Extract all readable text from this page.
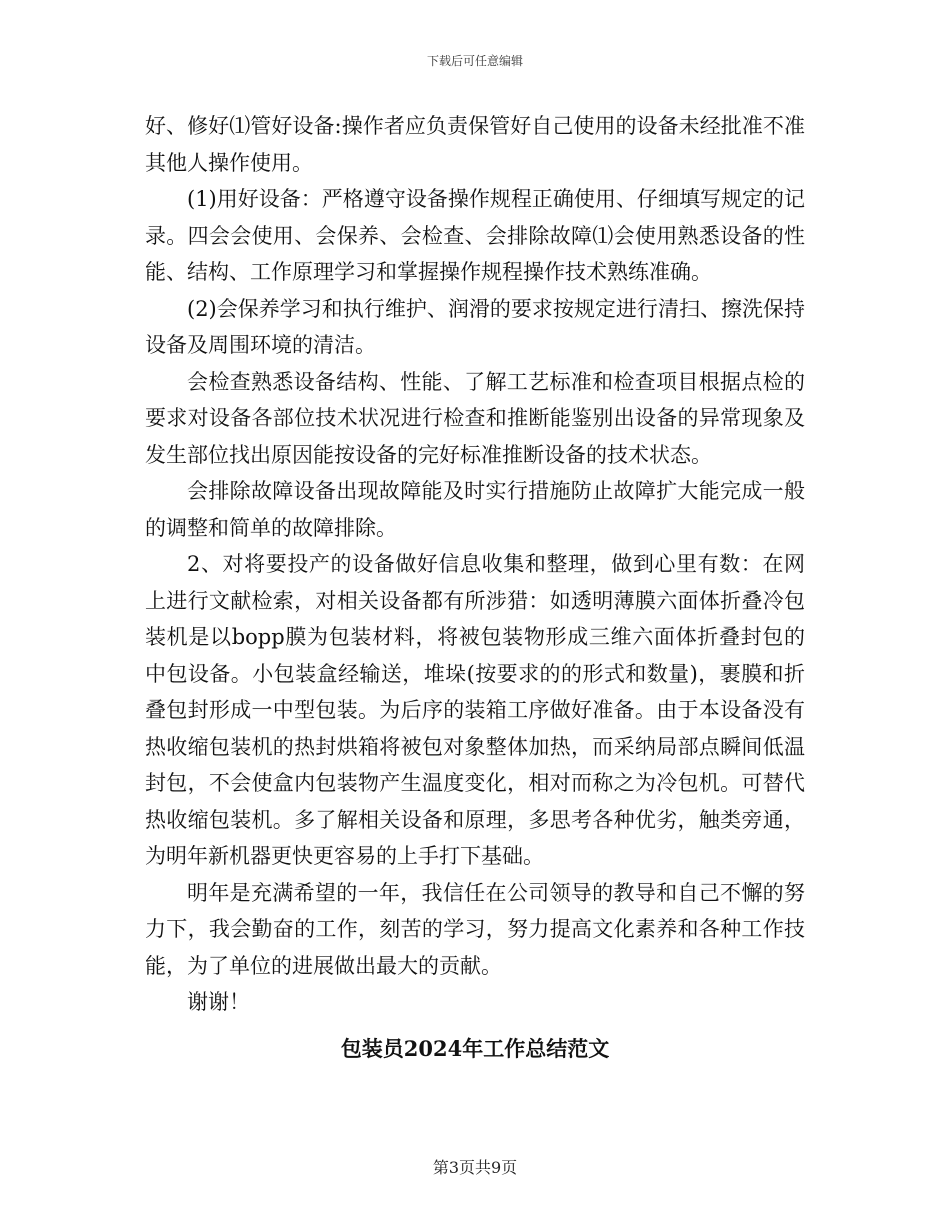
下载后可任意编辑

好、修好⑴管好设备:操作者应负责保管好自己使用的设备未经批准不准其他人操作使用。

(1)用好设备：严格遵守设备操作规程正确使用、仔细填写规定的记录。四会会使用、会保养、会检查、会排除故障⑴会使用熟悉设备的性能、结构、工作原理学习和掌握操作规程操作技术熟练准确。

(2)会保养学习和执行维护、润滑的要求按规定进行清扫、擦洗保持设备及周围环境的清洁。

会检查熟悉设备结构、性能、了解工艺标准和检查项目根据点检的要求对设备各部位技术状况进行检查和推断能鉴别出设备的异常现象及发生部位找出原因能按设备的完好标准推断设备的技术状态。

会排除故障设备出现故障能及时实行措施防止故障扩大能完成一般的调整和简单的故障排除。

2、对将要投产的设备做好信息收集和整理，做到心里有数：在网上进行文献检索，对相关设备都有所涉猎：如透明薄膜六面体折叠冷包装机是以bopp膜为包装材料，将被包装物形成三维六面体折叠封包的中包设备。小包装盒经输送，堆垛(按要求的的形式和数量)，裹膜和折叠包封形成一中型包装。为后序的装箱工序做好准备。由于本设备没有热收缩包装机的热封烘箱将被包对象整体加热，而采纳局部点瞬间低温封包，不会使盒内包装物产生温度变化，相对而称之为冷包机。可替代热收缩包装机。多了解相关设备和原理，多思考各种优劣，触类旁通，为明年新机器更快更容易的上手打下基础。

明年是充满希望的一年，我信任在公司领导的教导和自己不懈的努力下，我会勤奋的工作，刻苦的学习，努力提高文化素养和各种工作技能，为了单位的进展做出最大的贡献。

谢谢！

包装员2024年工作总结范文
第3页共9页
